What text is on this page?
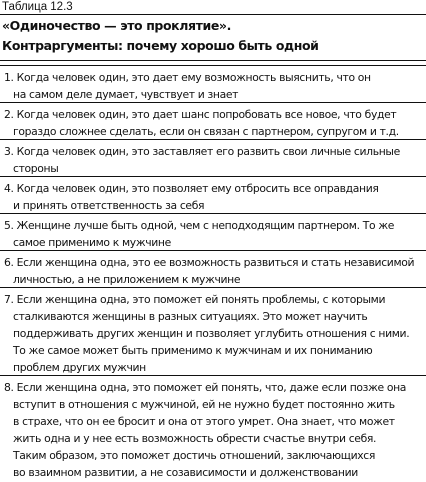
Таблица 12.3
«Одиночество — это проклятие».
Контраргументы: почему хорошо быть одной
1. Когда человек один, это дает ему возможность выяснить, что он
на самом деле думает, чувствует и знает
2. Когда человек один, это дает шанс попробовать все новое, что будет
гораздо сложнее сделать, если он связан с партнером, супругом и т.д.
3. Когда человек один, это заставляет его развить свои личные сильные
стороны
4. Когда человек один, это позволяет ему отбросить все оправдания
и принять ответственность за себя
5. Женщине лучше быть одной, чем с неподходящим партнером. То же
самое применимо к мужчине
6. Если женщина одна, это ее возможность развиться и стать независимой
личностью, а не приложением к мужчине
7. Если женщина одна, это поможет ей понять проблемы, с которыми
сталкиваются женщины в разных ситуациях. Это может научить
поддерживать других женщин и позволяет углубить отношения с ними.
То же самое может быть применимо к мужчинам и их пониманию
проблем других мужчин
8. Если женщина одна, это поможет ей понять, что, даже если позже она
вступит в отношения с мужчиной, ей не нужно будет постоянно жить
в страхе, что он ее бросит и она от этого умрет. Она знает, что может
жить одна и у нее есть возможность обрести счастье внутри себя.
Таким образом, это поможет достичь отношений, заключающихся
во взаимном развитии, а не созависимости и долженствовании
